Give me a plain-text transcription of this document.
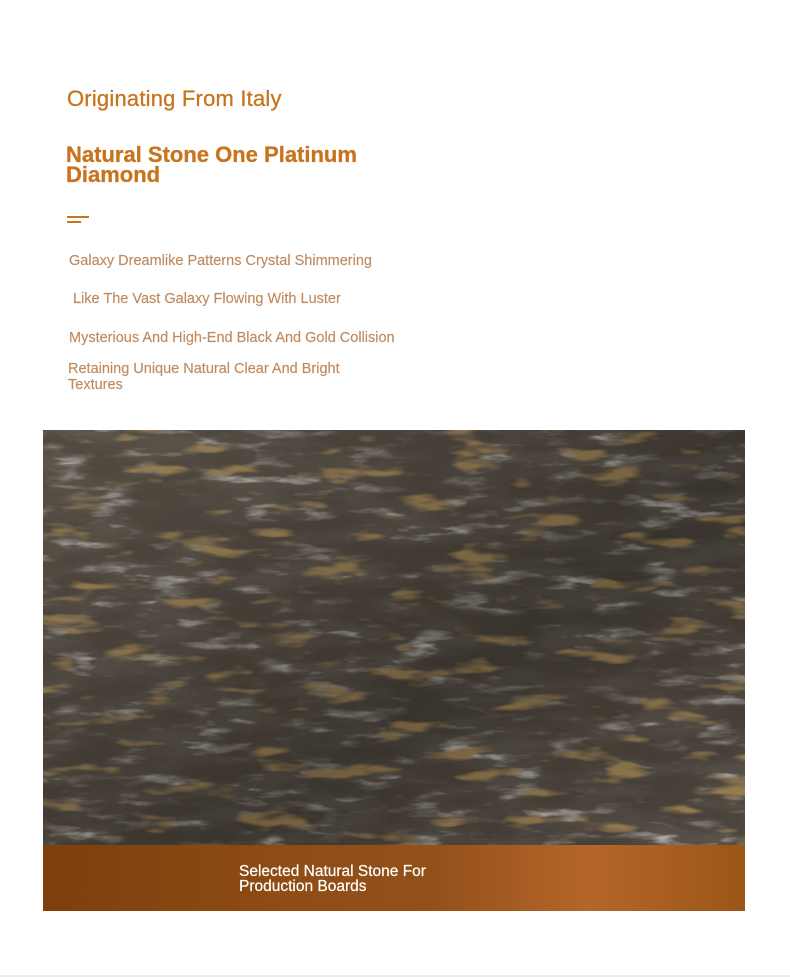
Originating From Italy
Natural Stone One Platinum Diamond

Galaxy Dreamlike Patterns Crystal Shimmering

Like The Vast Galaxy Flowing With Luster

Mysterious And High-End Black And Gold Collision

Retaining Unique Natural Clear And Bright Textures

Selected Natural Stone For Production Boards
